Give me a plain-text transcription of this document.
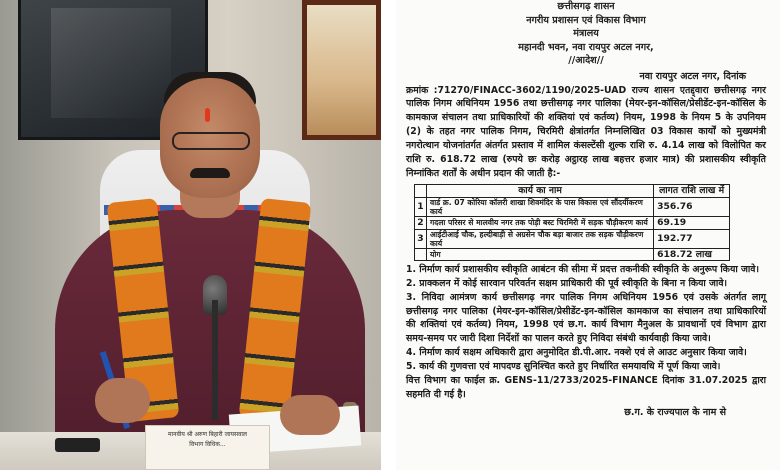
मानवीय श्री अरुण बिहारी जायसवाल
विभाग विधिक...
छत्तीसगढ़ शासन
नगरीय प्रशासन एवं विकास विभाग
मंत्रालय
महानदी भवन, नवा रायपुर अटल नगर,
//आदेश//
नवा रायपुर अटल नगर, दिनांक
क्रमांक :71270/FINACC-3602/1190/2025-UAD राज्य शासन एतद्द्वारा छत्तीसगढ़ नगर पालिक निगम अधिनियम 1956 तथा छत्तीसगढ़ नगर पालिका (मेयर-इन-कॉसिल/प्रेसीडेंट-इन-कॉसिल के कामकाज संचालन तथा प्राधिकारियों की शक्तियां एवं कर्तव्य) नियम, 1998 के नियम 5 के उपनियम (2) के तहत नगर पालिक निगम, चिरमिरी क्षेत्रांतर्गत निम्नलिखित 03 विकास कार्यों को मुख्यमंत्री नगरोत्थान योजनांतर्गत अंतर्गत प्रस्ताव में शामिल कंसल्टेंसी शुल्क राशि रु. 4.14 लाख को विलोपित कर राशि रु. 618.72 लाख (रुपये छः करोड़ अट्ठारह लाख बहत्तर हजार मात्र) की प्रशासकीय स्वीकृति निम्नांकित शर्तों के अधीन प्रदान की जाती है:-
	कार्य का नाम	लागत राशि लाख में
1	वार्ड क्र. 07 कोरिया कॉलरी शाखा शिवमंदिर के पास विकास एवं सौंदर्यीकरण कार्य	356.76
2	गदला परिसर से मालवीय नगर तक पोड़ी बस्ट चिरमिरी में सड़क चौड़ीकरण कार्य	69.19
3	आईटीआई चौक, हल्दीबाड़ी से अग्रसेन चौक बड़ा बाजार तक सड़क चौड़ीकरण कार्य	192.77
	योग	618.72 लाख
1. निर्माण कार्य प्रशासकीय स्वीकृति आबंटन की सीमा में प्रदत्त तकनीकी स्वीकृति के अनुरूप किया जावे।
2. प्राक्कलन में कोई सारवान परिवर्तन सक्षम प्राधिकारी की पूर्व स्वीकृति के बिना न किया जावे।
3. निविदा आमंत्रण कार्य छत्तीसगढ़ नगर पालिक निगम अधिनियम 1956 एवं उसके अंतर्गत लागू छत्तीसगढ़ नगर पालिका (मेयर-इन-कॉसिल/प्रेसीडेंट-इन-कॉसिल कामकाज का संचालन तथा प्राधिकारियों की शक्तियां एवं कर्तव्य) नियम, 1998 एवं छ.ग. कार्य विभाग मैनुअल के प्रावधानों एवं विभाग द्वारा समय-समय पर जारी दिशा निर्देशों का पालन करते हुए निविदा संबंधी कार्यवाही किया जावे।
4. निर्माण कार्य सक्षम अधिकारी द्वारा अनुमोदित डी.पी.आर. नक्शे एवं ले आउट अनुसार किया जावे।
5. कार्य की गुणवत्ता एवं मापदण्ड सुनिश्चित करते हुए निर्धारित समयावधि में पूर्ण किया जावे।
वित्त विभाग का फाईल क्र. GENS-11/2733/2025-FINANCE दिनांक 31.07.2025 द्वारा सहमति दी गई है।
छ.ग. के राज्यपाल के नाम से
